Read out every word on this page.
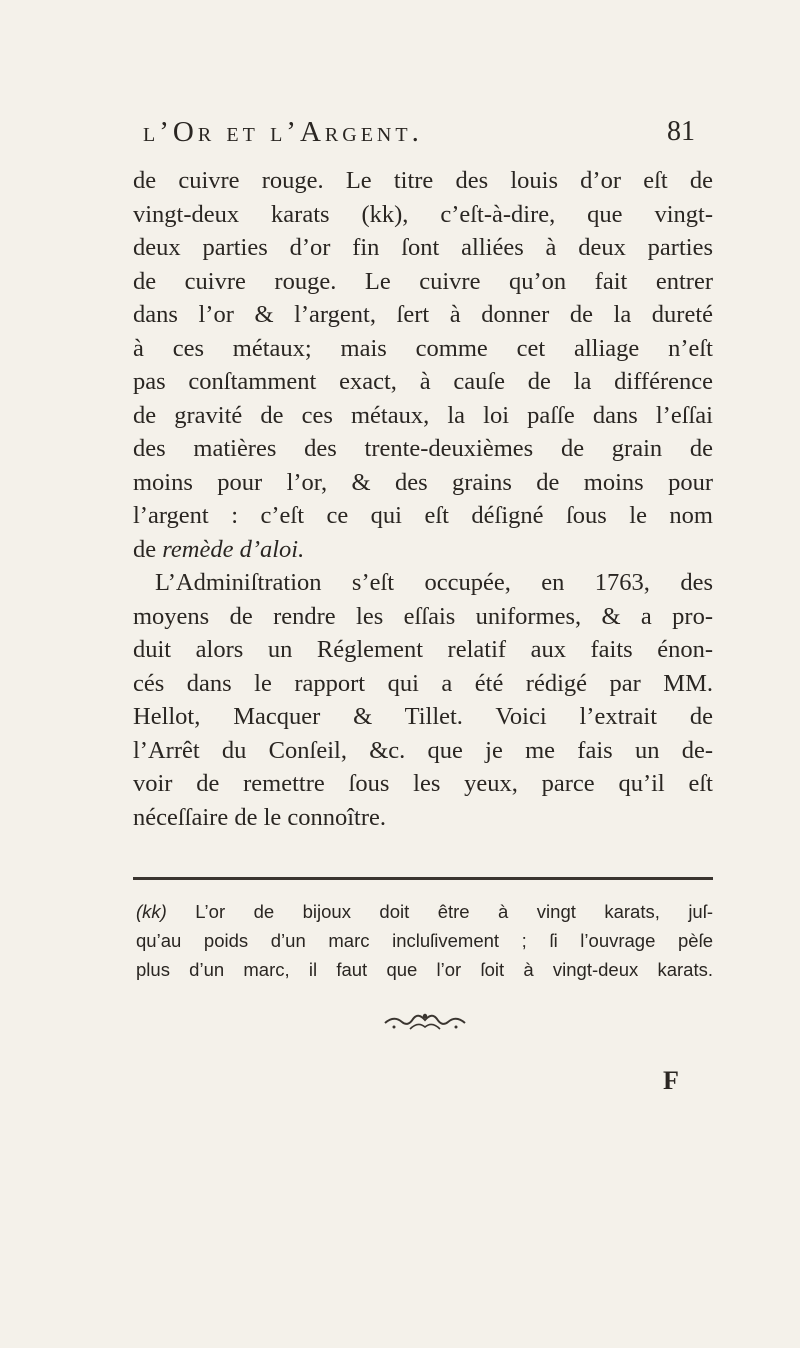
l’Or et l’Argent.	81
de cuivre rouge. Le titre des louis d’or eſt de
vingt-deux karats (kk), c’eſt-à-dire, que vingt-
deux parties d’or fin ſont alliées à deux parties
de cuivre rouge. Le cuivre qu’on fait entrer
dans l’or & l’argent, ſert à donner de la dureté
à ces métaux; mais comme cet alliage n’eſt
pas conſtamment exact, à cauſe de la différence
de gravité de ces métaux, la loi paſſe dans l’eſſai
des matières des trente-deuxièmes de grain de
moins pour l’or, & des grains de moins pour
l’argent : c’eſt ce qui eſt déſigné ſous le nom
de remède d’aloi.
L’Adminiſtration s’eſt occupée, en 1763, des
moyens de rendre les eſſais uniformes, & a pro-
duit alors un Réglement relatif aux faits énon-
cés dans le rapport qui a été rédigé par MM.
Hellot, Macquer & Tillet. Voici l’extrait de
l’Arrêt du Conſeil, &c. que je me fais un de-
voir de remettre ſous les yeux, parce qu’il eſt
néceſſaire de le connoître.
(kk) L’or de bijoux doit être à vingt karats, juſ-
qu’au poids d’un marc incluſivement ; ſi l’ouvrage pèſe
plus d’un marc, il faut que l’or ſoit à vingt-deux karats.
F
